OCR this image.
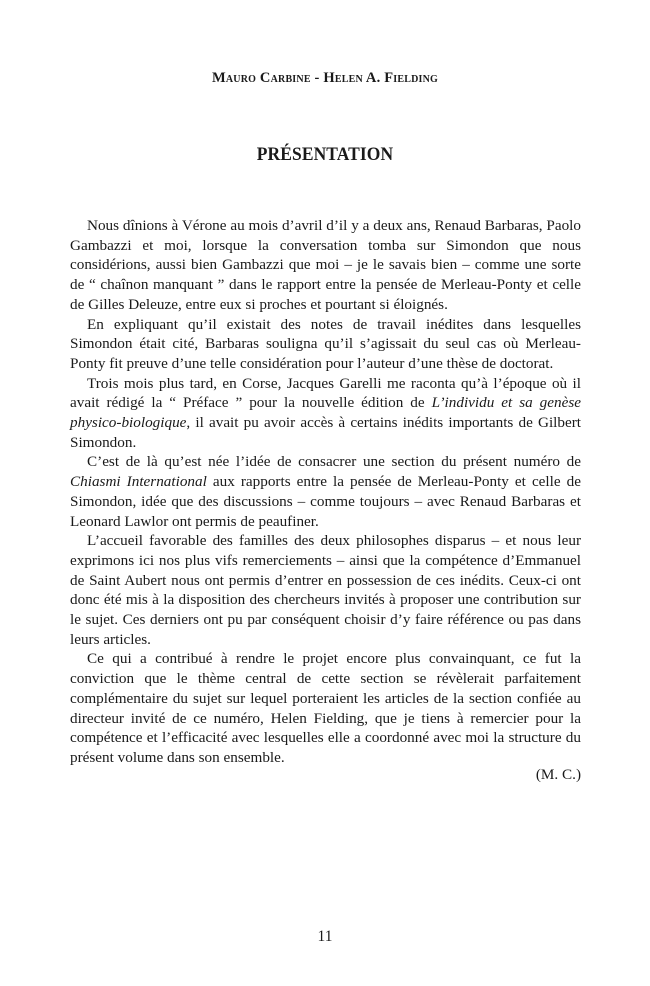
Mauro Carbine - Helen A. Fielding
PRÉSENTATION

Nous dînions à Vérone au mois d’avril d’il y a deux ans, Renaud Barbaras, Paolo Gambazzi et moi, lorsque la conversation tomba sur Simondon que nous considérions, aussi bien Gambazzi que moi – je le savais bien – comme une sorte de “ chaînon manquant ” dans le rapport entre la pensée de Merleau-Ponty et celle de Gilles Deleuze, entre eux si proches et pourtant si éloignés.

En expliquant qu’il existait des notes de travail inédites dans lesquelles Simondon était cité, Barbaras souligna qu’il s’agissait du seul cas où Merleau-Ponty fit preuve d’une telle considération pour l’auteur d’une thèse de doctorat.

Trois mois plus tard, en Corse, Jacques Garelli me raconta qu’à l’époque où il avait rédigé la “ Préface ” pour la nouvelle édition de L’individu et sa genèse physico-biologique, il avait pu avoir accès à certains inédits importants de Gilbert Simondon.

C’est de là qu’est née l’idée de consacrer une section du présent numéro de Chiasmi International aux rapports entre la pensée de Merleau-Ponty et celle de Simondon, idée que des discussions – comme toujours – avec Renaud Barbaras et Leonard Lawlor ont permis de peaufiner.

L’accueil favorable des familles des deux philosophes disparus – et nous leur exprimons ici nos plus vifs remerciements – ainsi que la compétence d’Emmanuel de Saint Aubert nous ont permis d’entrer en possession de ces inédits. Ceux-ci ont donc été mis à la disposition des chercheurs invités à proposer une contribution sur le sujet. Ces derniers ont pu par conséquent choisir d’y faire référence ou pas dans leurs articles.

Ce qui a contribué à rendre le projet encore plus convainquant, ce fut la conviction que le thème central de cette section se révèlerait parfaitement complémentaire du sujet sur lequel porteraient les articles de la section confiée au directeur invité de ce numéro, Helen Fielding, que je tiens à remercier pour la compétence et l’efficacité avec lesquelles elle a coordonné avec moi la structure du présent volume dans son ensemble.

(M. C.)
11
